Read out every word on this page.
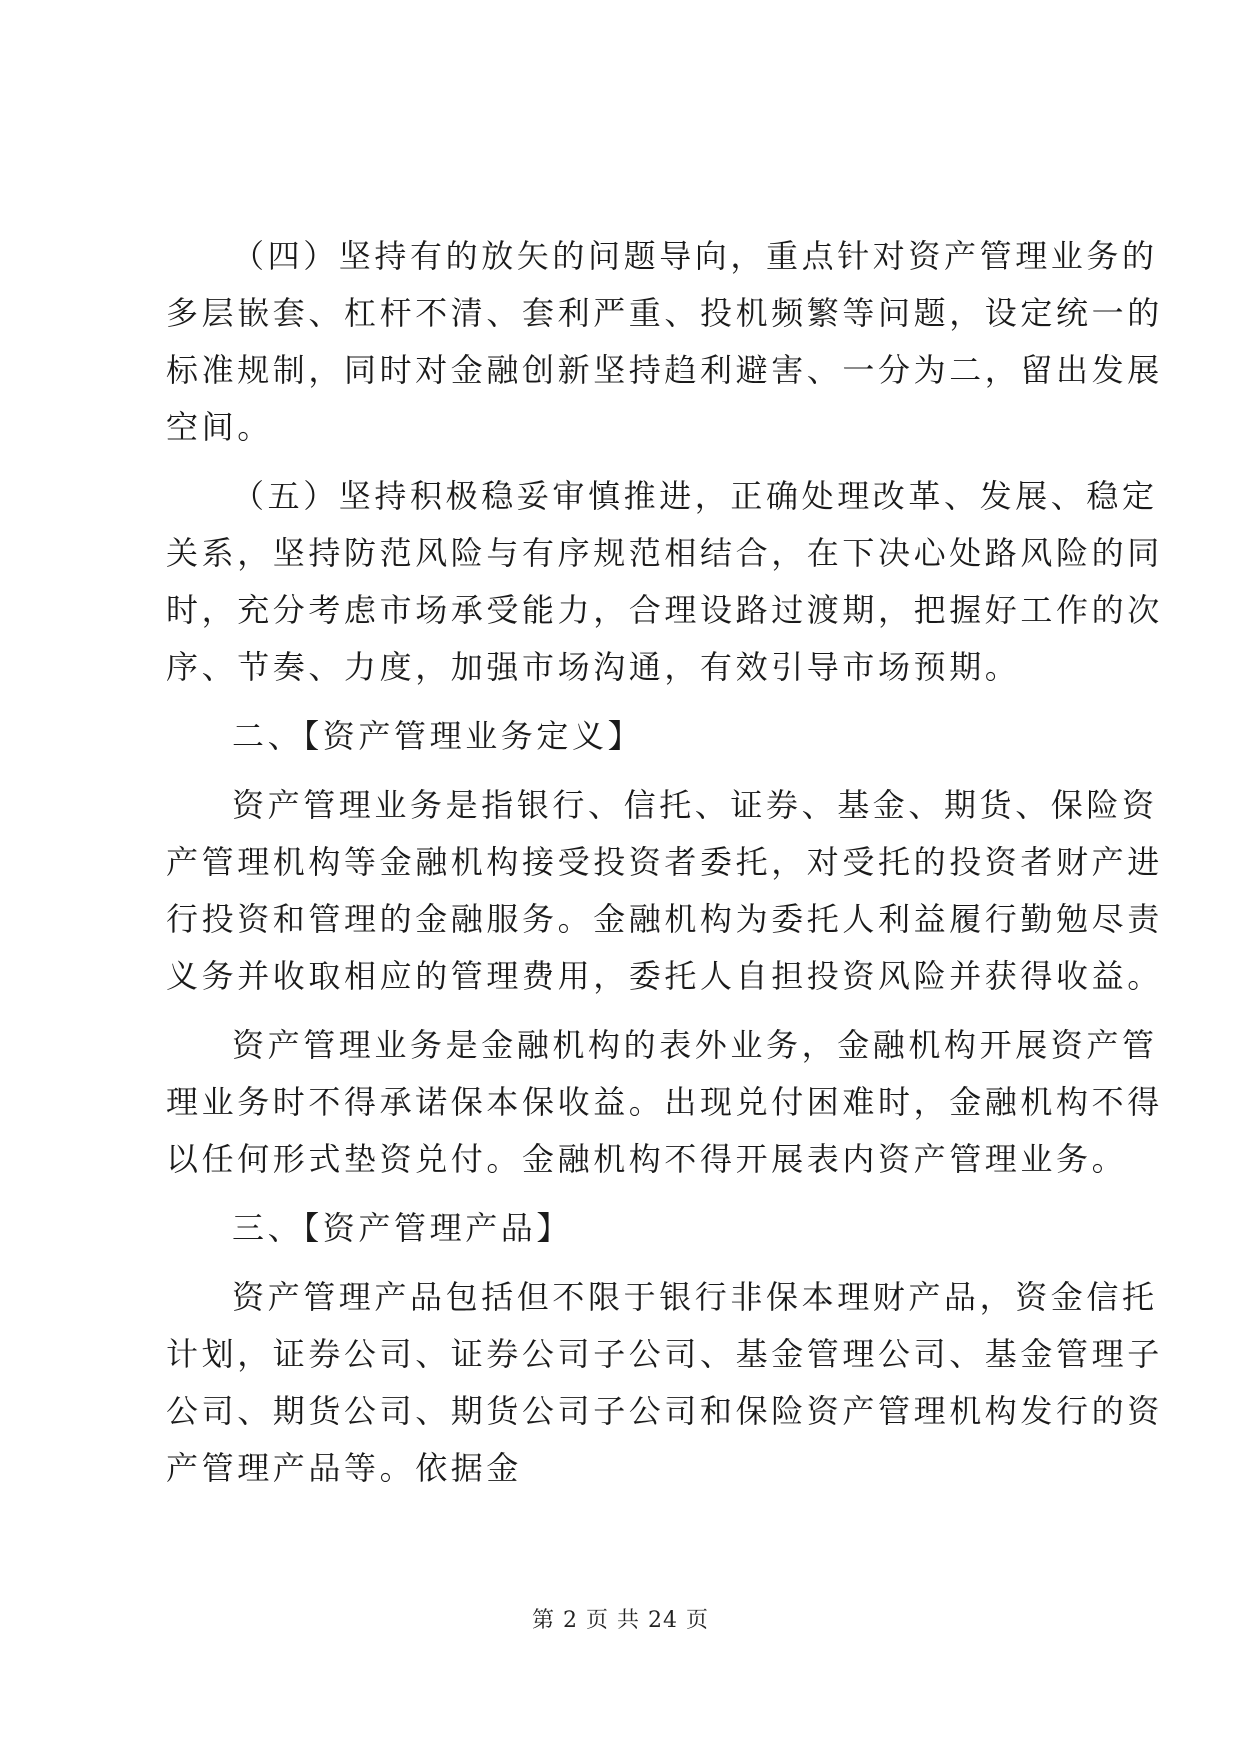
（四）坚持有的放矢的问题导向，重点针对资产管理业务的
多层嵌套、杠杆不清、套利严重、投机频繁等问题，设定统一的
标准规制，同时对金融创新坚持趋利避害、一分为二，留出发展
空间。
（五）坚持积极稳妥审慎推进，正确处理改革、发展、稳定
关系，坚持防范风险与有序规范相结合，在下决心处路风险的同
时，充分考虑市场承受能力，合理设路过渡期，把握好工作的次
序、节奏、力度，加强市场沟通，有效引导市场预期。
二、【资产管理业务定义】
资产管理业务是指银行、信托、证券、基金、期货、保险资
产管理机构等金融机构接受投资者委托，对受托的投资者财产进
行投资和管理的金融服务。金融机构为委托人利益履行勤勉尽责
义务并收取相应的管理费用，委托人自担投资风险并获得收益。
资产管理业务是金融机构的表外业务，金融机构开展资产管
理业务时不得承诺保本保收益。出现兑付困难时，金融机构不得
以任何形式垫资兑付。金融机构不得开展表内资产管理业务。
三、【资产管理产品】
资产管理产品包括但不限于银行非保本理财产品，资金信托
计划，证券公司、证券公司子公司、基金管理公司、基金管理子
公司、期货公司、期货公司子公司和保险资产管理机构发行的资
产管理产品等。依据金
第 2 页 共 24 页
